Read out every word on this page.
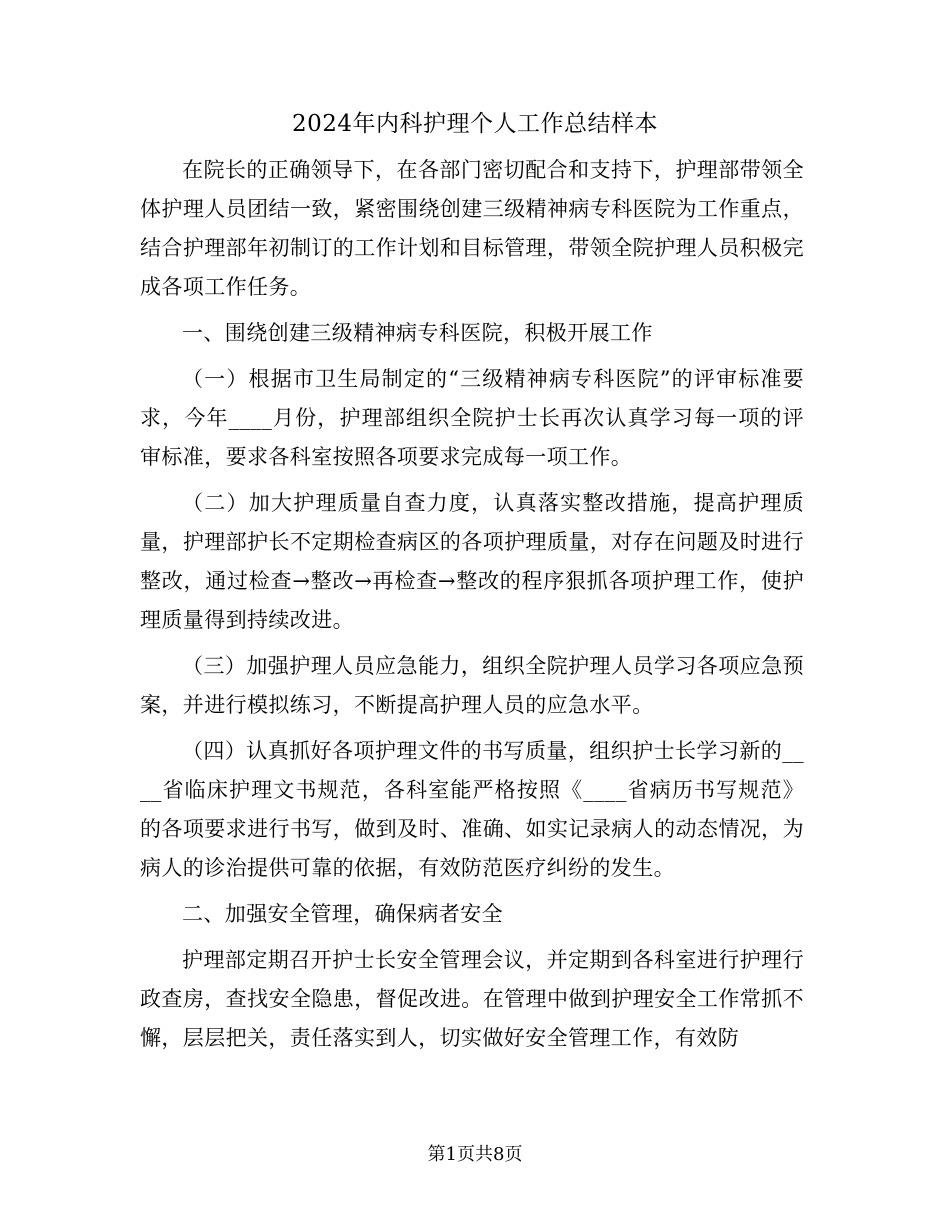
2024年内科护理个人工作总结样本

在院长的正确领导下，在各部门密切配合和支持下，护理部带领全体护理人员团结一致，紧密围绕创建三级精神病专科医院为工作重点，结合护理部年初制订的工作计划和目标管理，带领全院护理人员积极完成各项工作任务。

一、围绕创建三级精神病专科医院，积极开展工作

（一）根据市卫生局制定的“三级精神病专科医院”的评审标准要求，今年____月份，护理部组织全院护士长再次认真学习每一项的评审标准，要求各科室按照各项要求完成每一项工作。

（二）加大护理质量自查力度，认真落实整改措施，提高护理质量，护理部护长不定期检查病区的各项护理质量，对存在问题及时进行整改，通过检查→整改→再检查→整改的程序狠抓各项护理工作，使护理质量得到持续改进。

（三）加强护理人员应急能力，组织全院护理人员学习各项应急预案，并进行模拟练习，不断提高护理人员的应急水平。

（四）认真抓好各项护理文件的书写质量，组织护士长学习新的____省临床护理文书规范，各科室能严格按照《____省病历书写规范》的各项要求进行书写，做到及时、准确、如实记录病人的动态情况，为病人的诊治提供可靠的依据，有效防范医疗纠纷的发生。

二、加强安全管理，确保病者安全

护理部定期召开护士长安全管理会议，并定期到各科室进行护理行政查房，查找安全隐患，督促改进。在管理中做到护理安全工作常抓不懈，层层把关，责任落实到人，切实做好安全管理工作，有效防

第1页共8页
